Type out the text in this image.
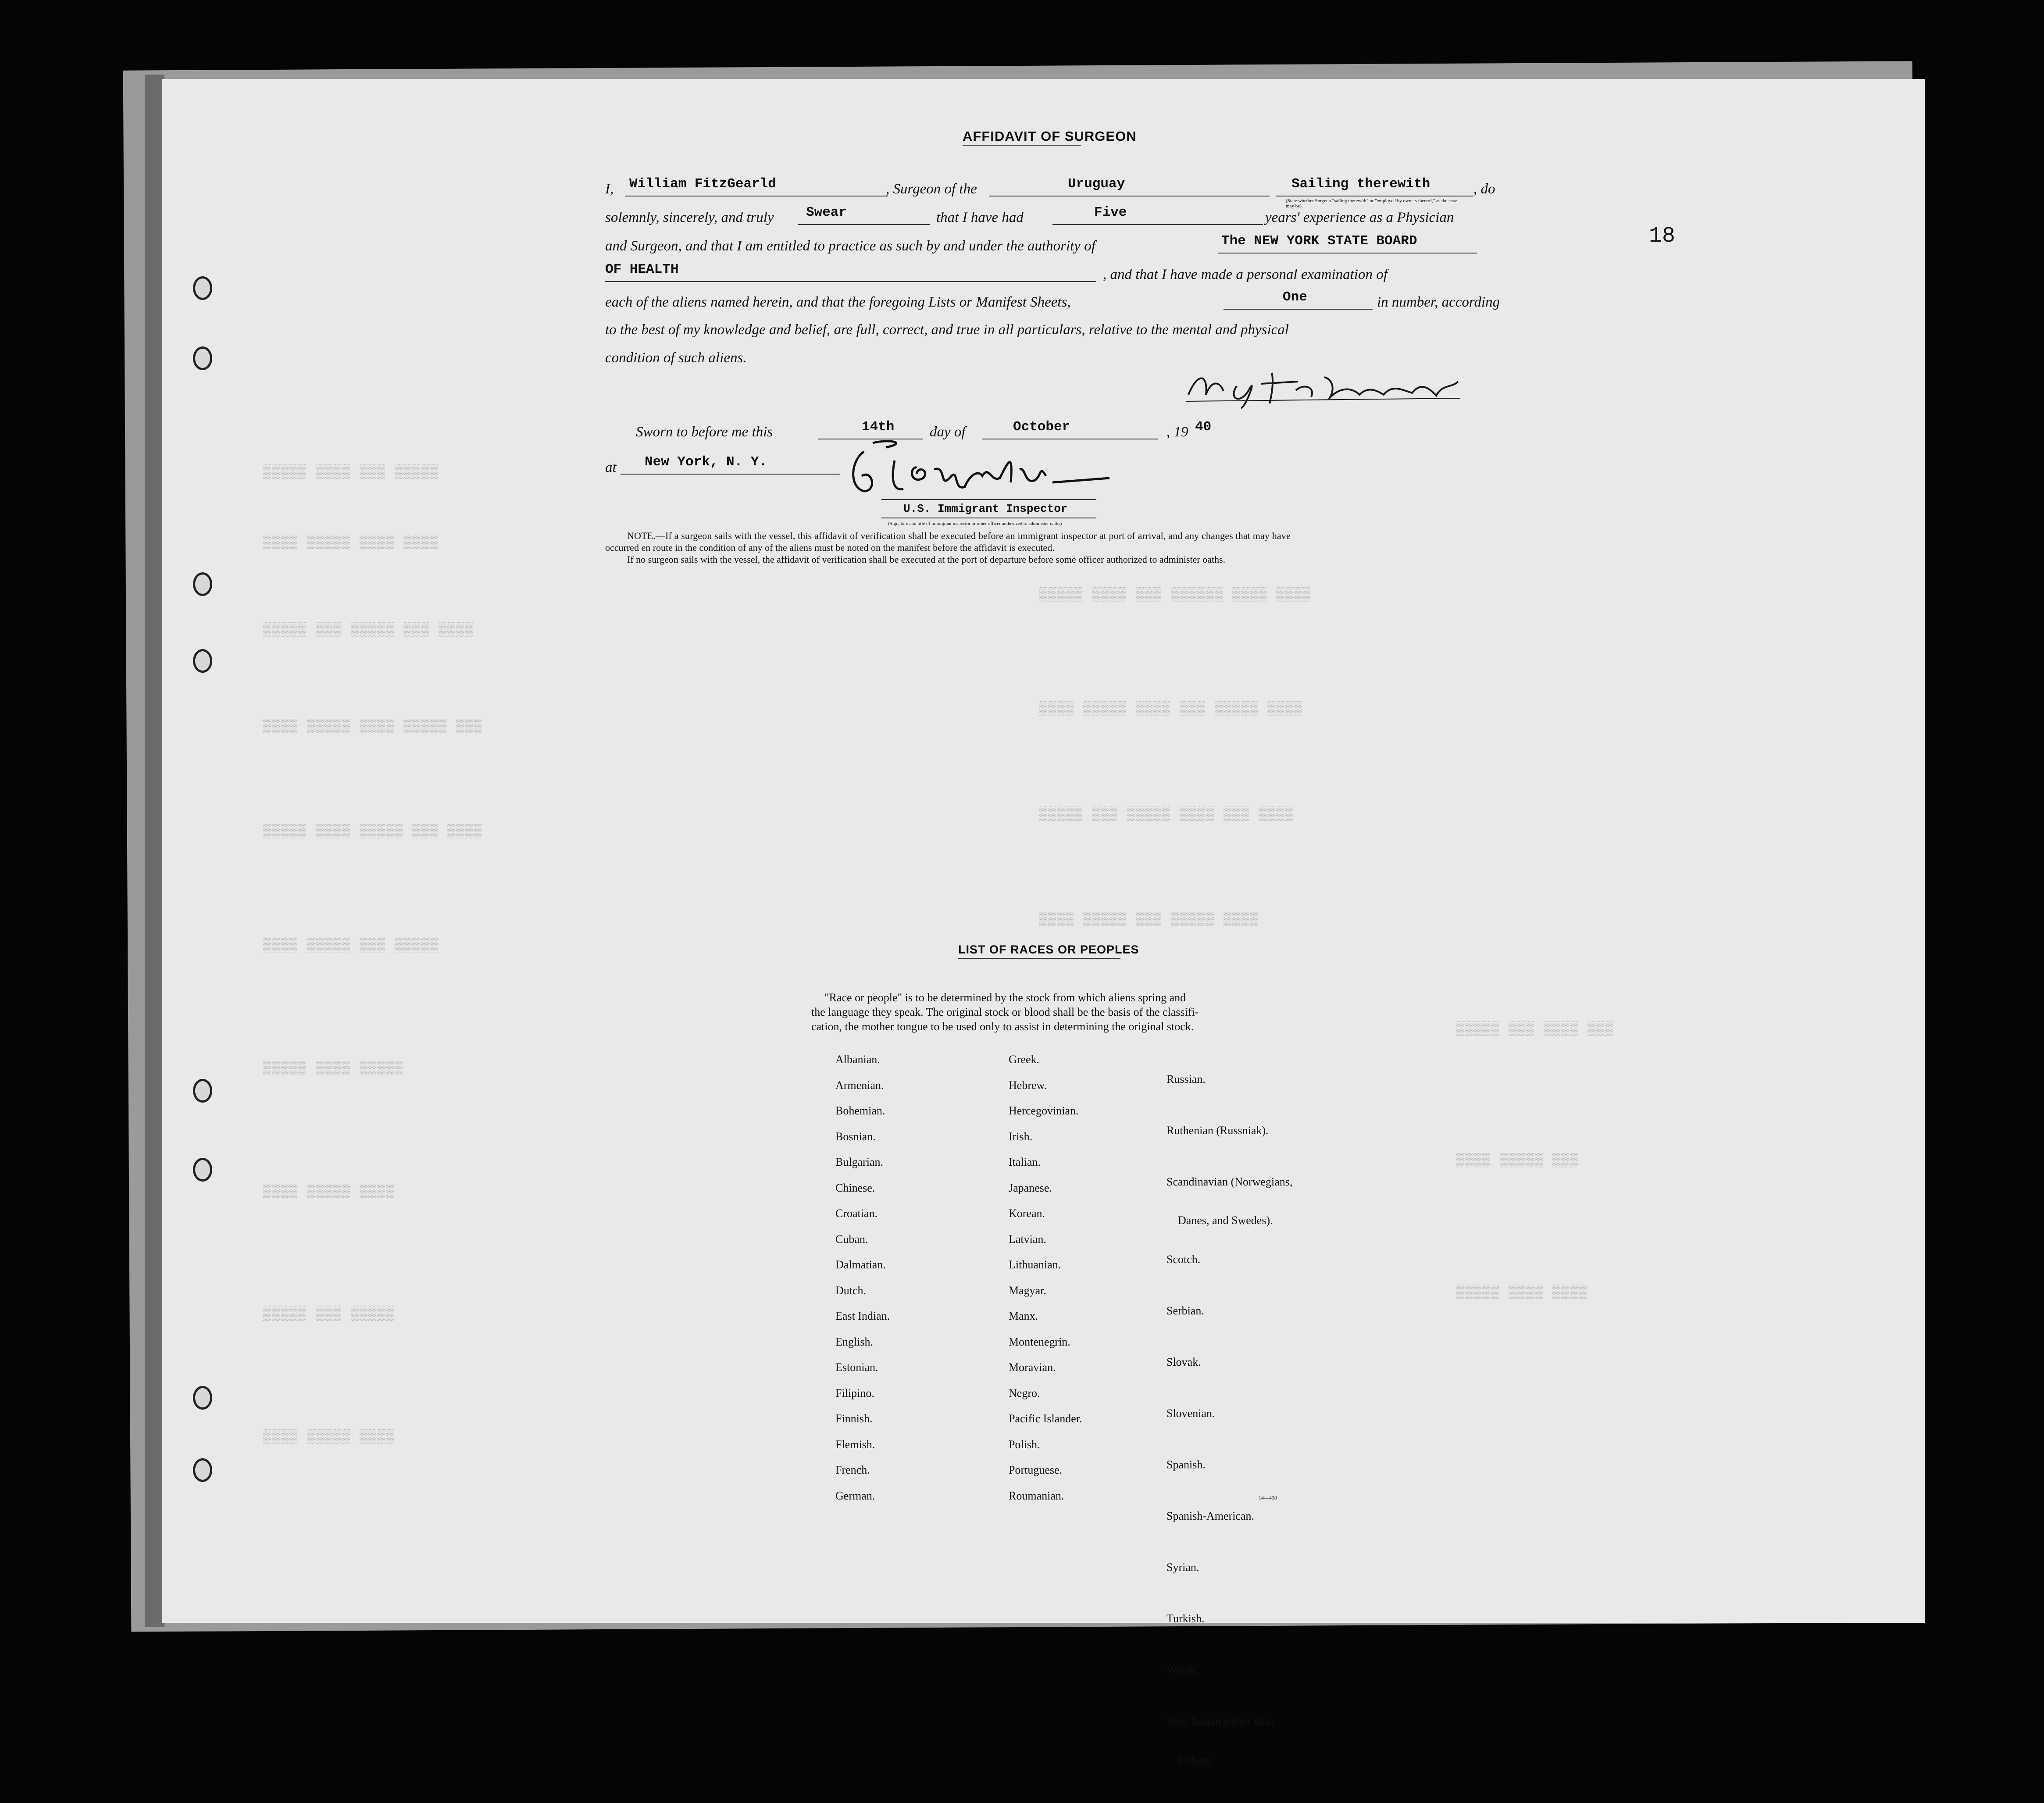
▒▒▒▒▒ ▒▒▒▒ ▒▒▒ ▒▒▒▒▒
▒▒▒▒ ▒▒▒▒▒ ▒▒▒▒ ▒▒▒▒
▒▒▒▒▒ ▒▒▒ ▒▒▒▒▒ ▒▒▒ ▒▒▒▒
▒▒▒▒ ▒▒▒▒▒ ▒▒▒▒ ▒▒▒▒▒ ▒▒▒
▒▒▒▒▒ ▒▒▒▒ ▒▒▒▒▒ ▒▒▒ ▒▒▒▒
▒▒▒▒ ▒▒▒▒▒ ▒▒▒ ▒▒▒▒▒
▒▒▒▒▒ ▒▒▒▒ ▒▒▒▒▒
▒▒▒▒ ▒▒▒▒▒ ▒▒▒▒
▒▒▒▒▒ ▒▒▒ ▒▒▒▒▒
▒▒▒▒ ▒▒▒▒▒ ▒▒▒▒
▒▒▒▒▒ ▒▒▒▒ ▒▒▒ ▒▒▒▒▒▒ ▒▒▒▒ ▒▒▒▒
▒▒▒▒ ▒▒▒▒▒ ▒▒▒▒ ▒▒▒ ▒▒▒▒▒ ▒▒▒▒
▒▒▒▒▒ ▒▒▒ ▒▒▒▒▒ ▒▒▒▒ ▒▒▒ ▒▒▒▒
▒▒▒▒ ▒▒▒▒▒ ▒▒▒ ▒▒▒▒▒ ▒▒▒▒
▒▒▒▒▒ ▒▒▒ ▒▒▒▒ ▒▒▒
▒▒▒▒ ▒▒▒▒▒ ▒▒▒
▒▒▒▒▒ ▒▒▒▒ ▒▒▒▒
18
AFFIDAVIT OF SURGEON
I, William FitzGearld	, Surgeon of the	Uruguay	Sailing therewith	, do
(State whether Surgeon "sailing therewith" or "employed by owners thereof," as the case may be)
solemnly, sincerely, and truly Swear	that I have had	Five	years' experience as a Physician
and Surgeon, and that I am entitled to practice as such by and under the authority of	The NEW YORK STATE BOARD
OF HEALTH	, and that I have made a personal examination of
each of the aliens named herein, and that the foregoing Lists or Manifest Sheets,	One	in number, according
to the best of my knowledge and belief, are full, correct, and true in all particulars, relative to the mental and physical
condition of such aliens.
Sworn to before me this	14th day of	October	, 19 40
at New York, N. Y.
U.S. Immigrant Inspector
(Signature and title of immigrant inspector or other officer authorized to administer oaths)
NOTE.—If a surgeon sails with the vessel, this affidavit of verification shall be executed before an immigrant inspector at port of arrival, and any changes that may have
occurred en route in the condition of any of the aliens must be noted on the manifest before the affidavit is executed.
If no surgeon sails with the vessel, the affidavit of verification shall be executed at the port of departure before some officer authorized to administer oaths.
LIST OF RACES OR PEOPLES
"Race or people" is to be determined by the stock from which aliens spring and
the language they speak. The original stock or blood shall be the basis of the classifi-
cation, the mother tongue to be used only to assist in determining the original stock.
Albanian.
Armenian.
Bohemian.
Bosnian.
Bulgarian.
Chinese.
Croatian.
Cuban.
Dalmatian.
Dutch.
East Indian.
English.
Estonian.
Filipino.
Finnish.
Flemish.
French.
German.
Greek.
Hebrew.
Hercegovinian.
Irish.
Italian.
Japanese.
Korean.
Latvian.
Lithuanian.
Magyar.
Manx.
Montenegrin.
Moravian.
Negro.
Pacific Islander.
Polish.
Portuguese.
Roumanian.

Russian.

Ruthenian (Russniak).

Scandinavian (Norwegians,

Danes, and Swedes).

Scotch.

Serbian.

Slovak.

Slovenian.

Spanish.

Spanish-American.

Syrian.

Turkish.

Welsh.

West Indian (other than

Cuban).

14—430
